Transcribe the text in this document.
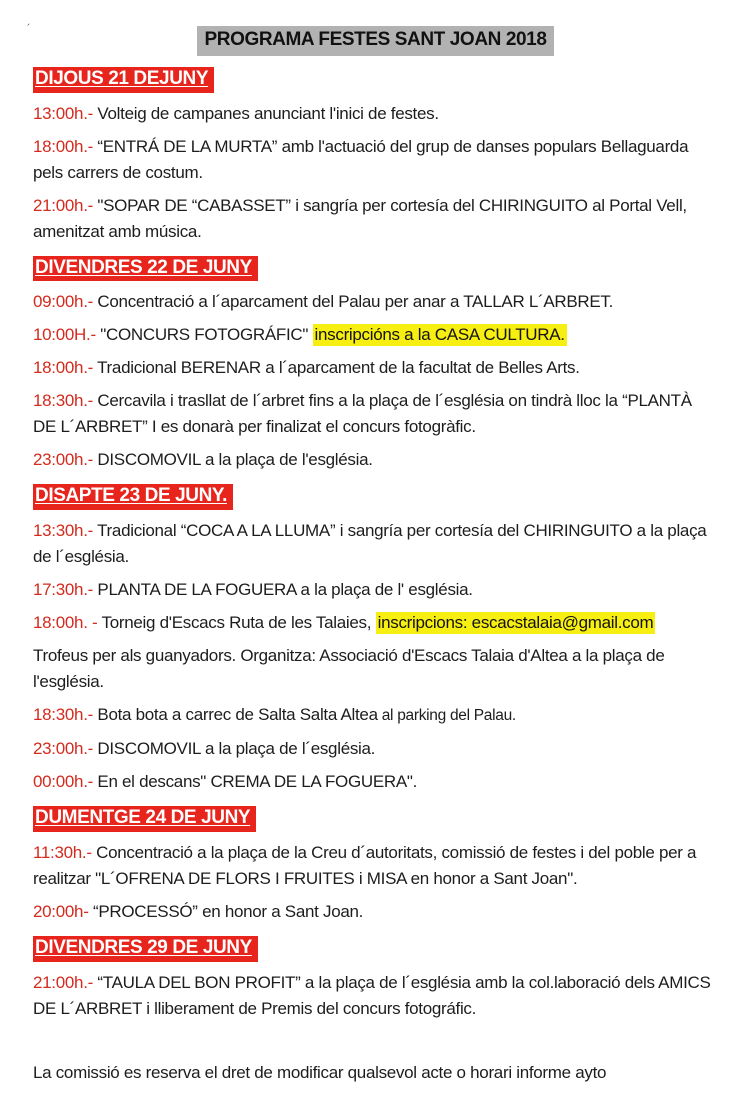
´	PROGRAMA FESTES SANT JOAN 2018
DIJOUS 21 DEJUNY

13:00h.- Volteig de campanes anunciant l'inici de festes.

18:00h.- “ENTRÁ DE LA MURTA” amb l'actuació del grup de danses populars Bellaguarda pels carrers de costum.

21:00h.- "SOPAR DE “CABASSET” i sangría per cortesía del CHIRINGUITO al Portal Vell, amenitzat amb música.

DIVENDRES 22 DE JUNY

09:00h.- Concentració a l´aparcament del Palau per anar a TALLAR L´ARBRET.

10:00H.- "CONCURS FOTOGRÁFIC" inscripcións a la CASA CULTURA.

18:00h.- Tradicional BERENAR a l´aparcament de la facultat de Belles Arts.

18:30h.- Cercavila i trasllat de l´arbret fins a la plaça de l´església on tindrà lloc la “PLANTÀ DE L´ARBRET” I es donarà per finalizat el concurs fotogràfic.

23:00h.- DISCOMOVIL a la plaça de l'església.

DISAPTE 23 DE JUNY.

13:30h.- Tradicional “COCA A LA LLUMA” i sangría per cortesía del CHIRINGUITO a la plaça de l´església.

17:30h.- PLANTA DE LA FOGUERA a la plaça de l' església.

18:00h. - Torneig d'Escacs Ruta de les Talaies, inscripcions: escacstalaia@gmail.com

Trofeus per als guanyadors. Organitza: Associació d'Escacs Talaia d'Altea a la plaça de l'església.

18:30h.- Bota bota a carrec de Salta Salta Altea al parking del Palau.

23:00h.- DISCOMOVIL a la plaça de l´església.

00:00h.- En el descans" CREMA DE LA FOGUERA".

DUMENTGE 24 DE JUNY

11:30h.- Concentració a la plaça de la Creu d´autoritats, comissió de festes i del poble per a realitzar "L´OFRENA DE FLORS I FRUITES i MISA en honor a Sant Joan".

20:00h- “PROCESSÓ” en honor a Sant Joan.

DIVENDRES 29 DE JUNY

21:00h.- “TAULA DEL BON PROFIT” a la plaça de l´església amb la col.laboració dels AMICS DE L´ARBRET i lliberament de Premis del concurs fotográfic.

La comissió es reserva el dret de modificar qualsevol acte o horari informe ayto
